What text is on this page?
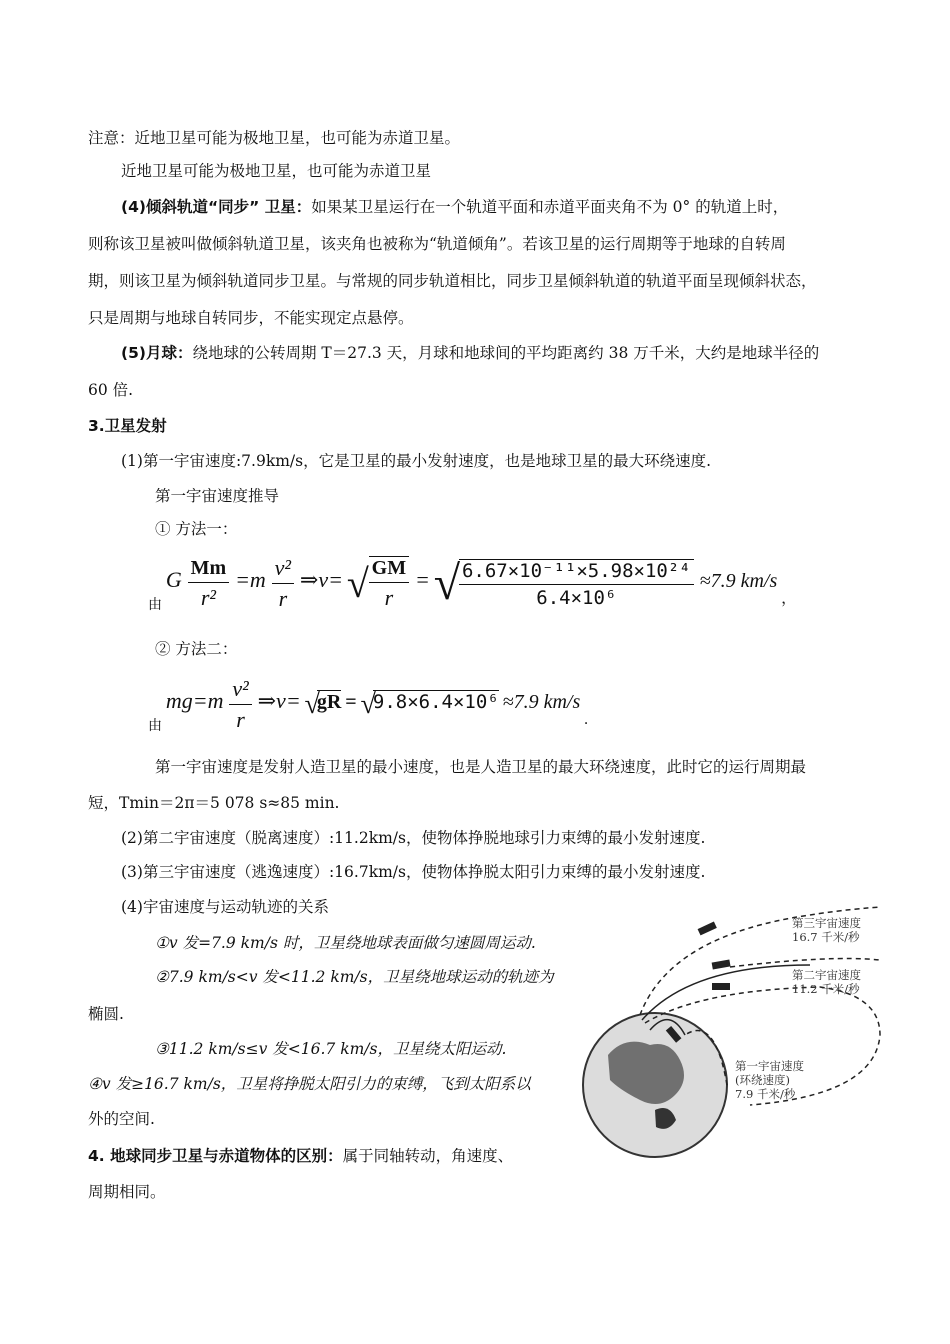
注意：近地卫星可能为极地卫星，也可能为赤道卫星。
近地卫星可能为极地卫星，也可能为赤道卫星
(4)倾斜轨道“同步” 卫星：如果某卫星运行在一个轨道平面和赤道平面夹角不为 0° 的轨道上时，
则称该卫星被叫做倾斜轨道卫星，该夹角也被称为“轨道倾角”。若该卫星的运行周期等于地球的自转周
期，则该卫星为倾斜轨道同步卫星。与常规的同步轨道相比，同步卫星倾斜轨道的轨道平面呈现倾斜状态，
只是周期与地球自转同步，不能实现定点悬停。
(5)月球：绕地球的公转周期 T＝27.3 天，月球和地球间的平均距离约 38 万千米，大约是地球半径的
60 倍.
3.卫星发射
(1)第一宇宙速度:7.9km/s，它是卫星的最小发射速度，也是地球卫星的最大环绕速度.
第一宇宙速度推导
① 方法一：
由 G $\frac{Mm}{\text{r²}} =m \frac{\text{v²}}{r}$ ⇒v= √ $\frac{GM}{r}$ = √
$\frac{\text{6.67×10⁻¹¹×5.98×10²⁴}}{\text{6.4×10⁶}} \approx 7.9$ km/s ，
② 方法二：
由 $mg=m \frac{\text{v²}}{r}$ ⇒v= √gR = √9.8×6.4×10⁶ ≈7.9 km/s .
第一宇宙速度是发射人造卫星的最小速度，也是人造卫星的最大环绕速度，此时它的运行周期最
短，Tmin＝2π＝5 078 s≈85 min.
(2)第二宇宙速度（脱离速度）:11.2km/s，使物体挣脱地球引力束缚的最小发射速度.
(3)第三宇宙速度（逃逸速度）:16.7km/s，使物体挣脱太阳引力束缚的最小发射速度.
(4)宇宙速度与运动轨迹的关系
①v 发=7.9 km/s 时，卫星绕地球表面做匀速圆周运动.
②7.9 km/s<v 发<11.2 km/s，卫星绕地球运动的轨迹为
椭圆.
③11.2 km/s≤v 发<16.7 km/s，卫星绕太阳运动.
④v 发≥16.7 km/s，卫星将挣脱太阳引力的束缚，飞到太阳系以
外的空间.
4. 地球同步卫星与赤道物体的区别：属于同轴转动，角速度、
周期相同。
第三宇宙速度
16.7 千米/秒
第二宇宙速度
11.2 千米/秒
第一宇宙速度
(环绕速度)
7.9 千米/秒
